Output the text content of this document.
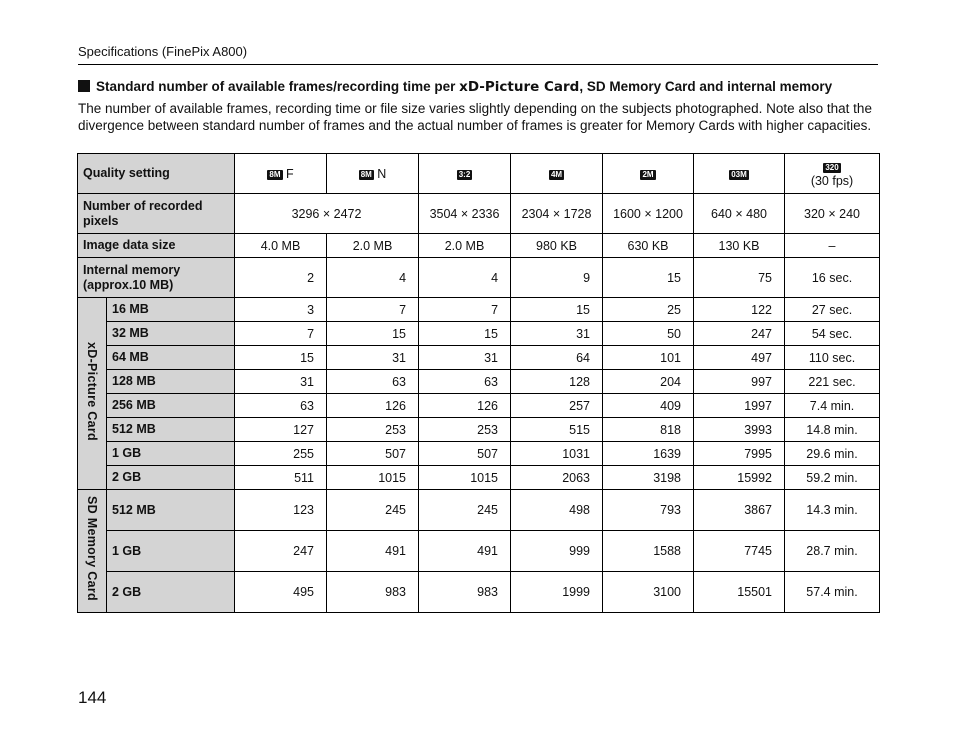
Specifications (FinePix A800)
Standard number of available frames/recording time per xD-Picture Card, SD Memory Card and internal memory
The number of available frames, recording time or file size varies slightly depending on the subjects photographed. Note also that the divergence between standard number of frames and the actual number of frames is greater for Memory Cards with higher capacities.
Quality setting		8M F	8M N	3:2	4M	2M	03M	320
(30 fps)
Number of recorded pixels		3296 × 2472		3504 × 2336	2304 × 1728	1600 × 1200	640 × 480	320 × 240
Image data size		4.0 MB	2.0 MB	2.0 MB	980 KB	630 KB	130 KB	–
Internal memory (approx.10 MB)		2	4	4	9	15	75	16 sec.

xD-Picture Card	16 MB	3	7	7	15	25	122	27 sec.
	32 MB	7	15	15	31	50	247	54 sec.
	64 MB	15	31	31	64	101	497	110 sec.
	128 MB	31	63	63	128	204	997	221 sec.
	256 MB	63	126	126	257	409	1997	7.4 min.
	512 MB	127	253	253	515	818	3993	14.8 min.
	1 GB	255	507	507	1031	1639	7995	29.6 min.
	2 GB	511	1015	1015	2063	3198	15992	59.2 min.

SD Memory Card	512 MB	123	245	245	498	793	3867	14.3 min.
	1 GB	247	491	491	999	1588	7745	28.7 min.
	2 GB	495	983	983	1999	3100	15501	57.4 min.
144
